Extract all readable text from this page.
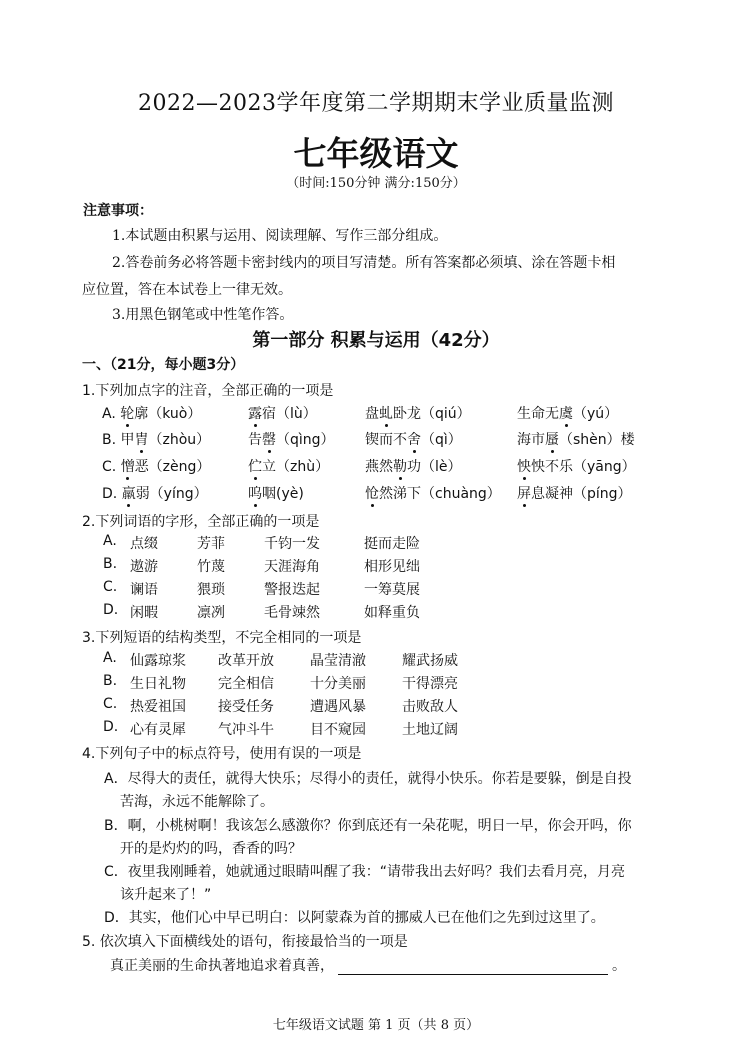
2022—2023学年度第二学期期末学业质量监测
七年级语文
（时间:150分钟 满分:150分）
注意事项：
1.本试题由积累与运用、阅读理解、写作三部分组成。
2.答卷前务必将答题卡密封线内的项目写清楚。所有答案都必须填、涂在答题卡相
应位置，答在本试卷上一律无效。
3.用黑色钢笔或中性笔作答。
第一部分 积累与运用（42分）
一、（21分，每小题3分）
1.下列加点字的注音，全部正确的一项是
A. 轮廓（kuò）	露宿（lù）	盘虬卧龙（qiú）	生命无虞（yú）
B. 甲胄（zhòu）	告罄（qìng） 锲而不舍（qì）	海市蜃（shèn）楼
C. 憎恶（zèng）	伫立（zhù）	燕然勒功（lè）	怏怏不乐（yāng）
D. 羸弱（yíng）	呜咽(yè)	怆然涕下（chuàng） 屏息凝神（píng）
2.下列词语的字形，全部正确的一项是
A. 点缀	芳菲	千钧一发	挺而走险
B. 遨游	竹蔑	天涯海角	相形见绌
C. 谰语	猥琐	警报迭起	一筹莫展
D. 闲暇	凛冽	毛骨竦然	如释重负
3.下列短语的结构类型，不完全相同的一项是
A. 仙露琼浆 改革开放	晶莹清澈	耀武扬威
B. 生日礼物 完全相信	十分美丽	干得漂亮
C. 热爱祖国 接受任务	遭遇风暴	击败敌人
D. 心有灵犀 气冲斗牛	目不窥园	土地辽阔
4.下列句子中的标点符号，使用有误的一项是
A．尽得大的责任，就得大快乐；尽得小的责任，就得小快乐。你若是要躲，倒是自投
苦海，永远不能解除了。
B．啊，小桃树啊！我该怎么感激你？你到底还有一朵花呢，明日一早，你会开吗，你
开的是灼灼的吗，香香的吗？
C．夜里我刚睡着，她就通过眼睛叫醒了我：“请带我出去好吗？我们去看月亮，月亮
该升起来了！”
D．其实，他们心中早已明白：以阿蒙森为首的挪威人已在他们之先到过这里了。
5. 依次填入下面横线处的语句，衔接最恰当的一项是
真正美丽的生命执著地追求着真善，	。
七年级语文试题 第 1 页（共 8 页）
